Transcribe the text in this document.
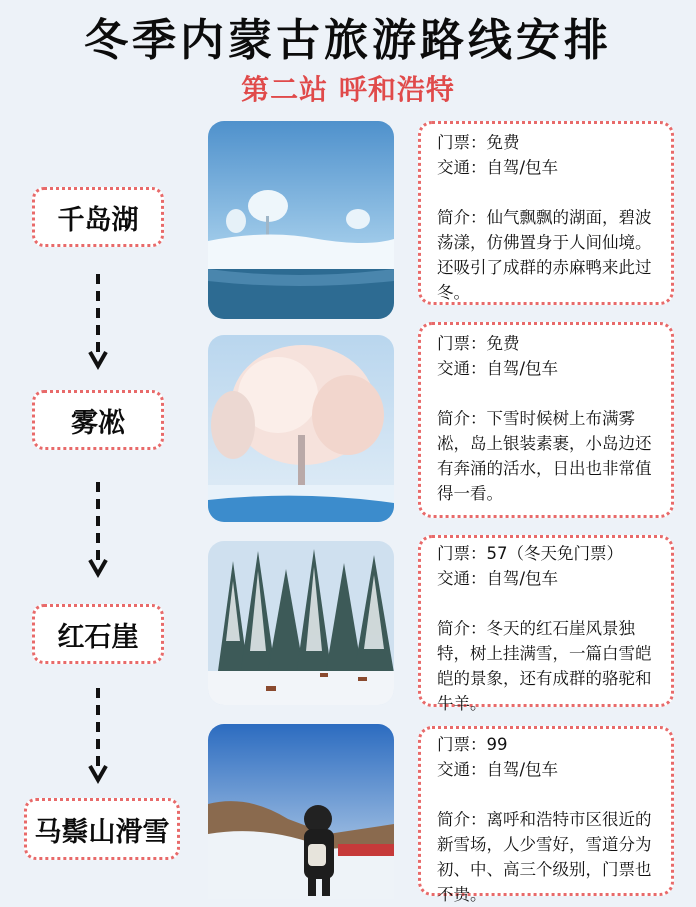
冬季内蒙古旅游路线安排
第二站 呼和浩特
千岛湖
雾凇
红石崖
马鬃山滑雪
门票：免费
交通：自驾/包车
简介：仙气飘飘的湖面，碧波荡漾，仿佛置身于人间仙境。还吸引了成群的赤麻鸭来此过冬。
门票：免费
交通：自驾/包车
简介：下雪时候树上布满雾凇，岛上银装素裹，小岛边还有奔涌的活水，日出也非常值得一看。
门票：57（冬天免门票）
交通：自驾/包车
简介：冬天的红石崖风景独特，树上挂满雪，一篇白雪皑皑的景象，还有成群的骆驼和牛羊。
门票：99
交通：自驾/包车
简介：离呼和浩特市区很近的新雪场，人少雪好，雪道分为 初、中、高三个级别，门票也不贵。
